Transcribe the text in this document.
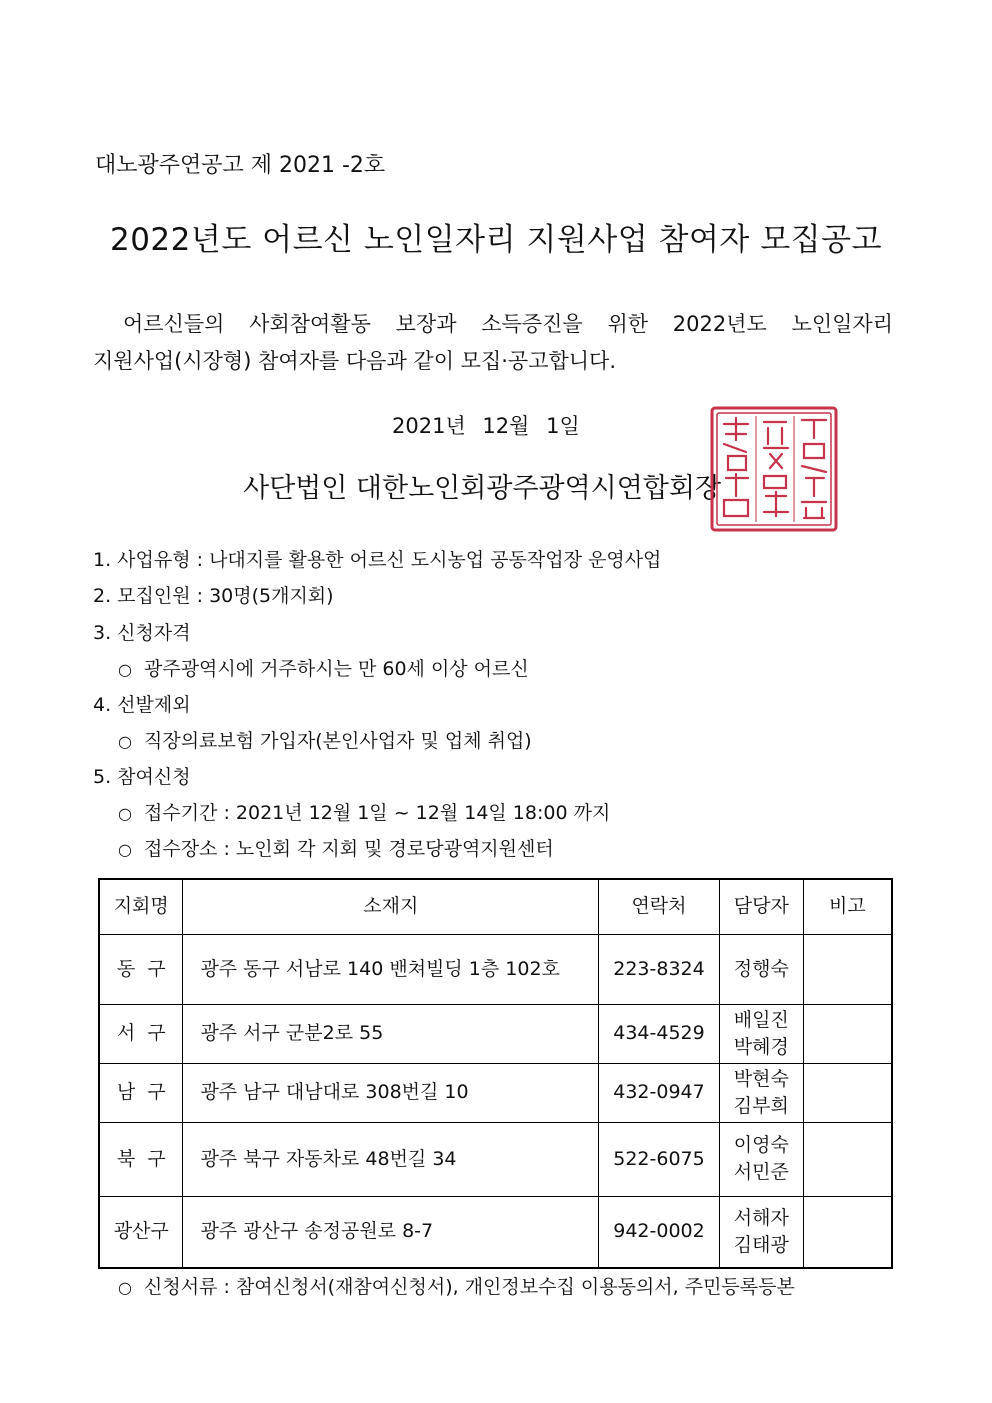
대노광주연공고 제 2021 -2호
2022년도 어르신 노인일자리 지원사업 참여자 모집공고
어르신들의 사회참여활동 보장과 소득증진을 위한 2022년도 노인일자리
지원사업(시장형) 참여자를 다음과 같이 모집·공고합니다.
2021년 12월 1일
사단법인 대한노인회광주광역시연합회장
1. 사업유형 : 나대지를 활용한 어르신 도시농업 공동작업장 운영사업
2. 모집인원 : 30명(5개지회)
3. 신청자격
○ 광주광역시에 거주하시는 만 60세 이상 어르신
4. 선발제외
○ 직장의료보험 가입자(본인사업자 및 업체 취업)
5. 참여신청
○ 접수기간 : 2021년 12월 1일 ~ 12월 14일 18:00 까지
○ 접수장소 : 노인회 각 지회 및 경로당광역지원센터
지회명	소재지	연락처	담당자	비고
동  구	광주 동구 서남로 140 밴쳐빌딩 1층 102호	223-8324	정행숙	

서  구	광주 서구 군분2로 55	434-4529	배일진
박혜경	

남  구	광주 남구 대남대로 308번길 10	432-0947	박현숙
김부희	

북  구	광주 북구 자동차로 48번길 34	522-6075	이영숙
서민준	

광산구	광주 광산구 송정공원로 8-7	942-0002	서해자
김태광	

○ 신청서류 : 참여신청서(재참여신청서), 개인정보수집 이용동의서, 주민등록등본
